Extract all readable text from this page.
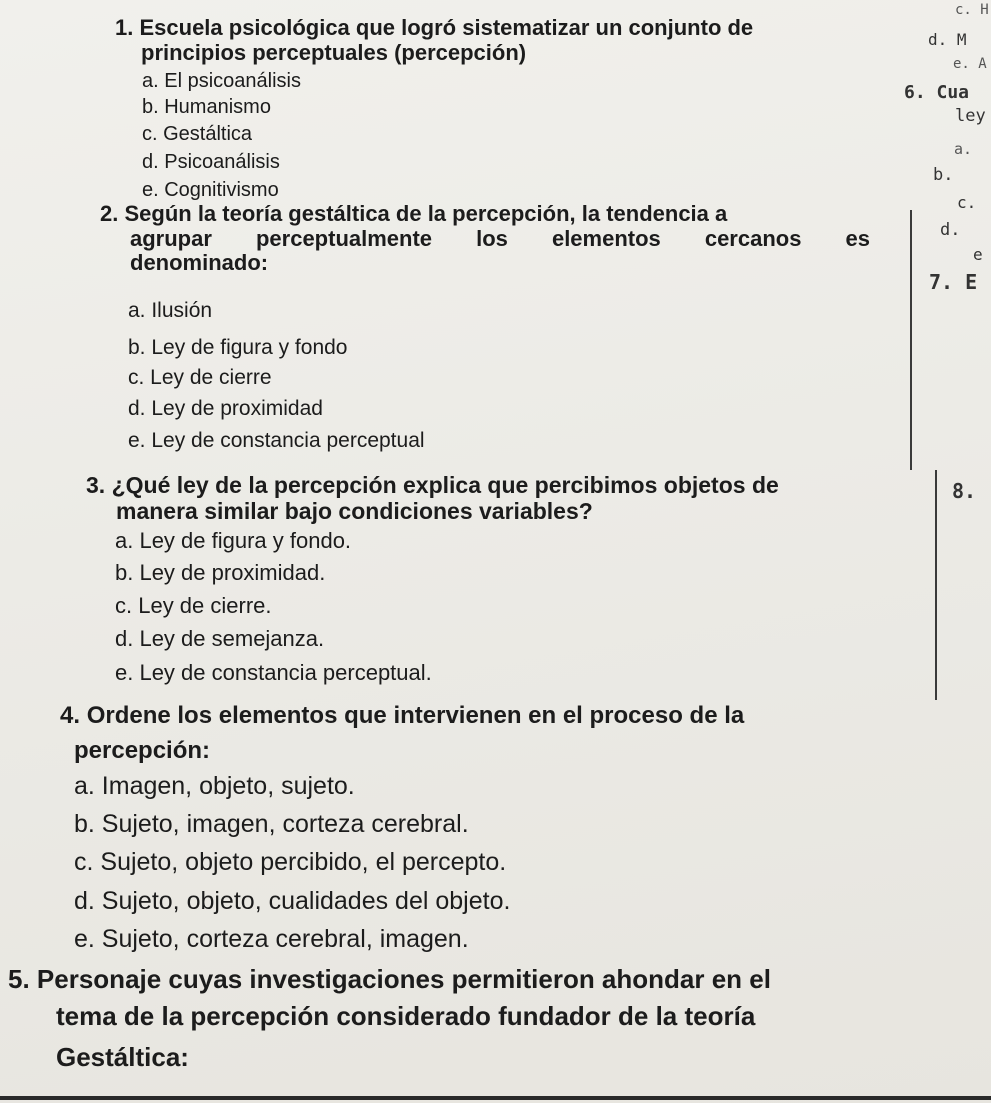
1. Escuela psicológica que logró sistematizar un conjunto de
principios perceptuales (percepción)
a. El psicoanálisis
b. Humanismo
c. Gestáltica
d. Psicoanálisis
e. Cognitivismo
2. Según la teoría gestáltica de la percepción, la tendencia a
agrupar perceptualmente los elementos cercanos es
denominado:
a. Ilusión
b. Ley de figura y fondo
c. Ley de cierre
d. Ley de proximidad
e. Ley de constancia perceptual
3. ¿Qué ley de la percepción explica que percibimos objetos de
manera similar bajo condiciones variables?
a. Ley de figura y fondo.
b. Ley de proximidad.
c. Ley de cierre.
d. Ley de semejanza.
e. Ley de constancia perceptual.
4. Ordene los elementos que intervienen en el proceso de la
percepción:
a. Imagen, objeto, sujeto.
b. Sujeto, imagen, corteza cerebral.
c. Sujeto, objeto percibido, el percepto.
d. Sujeto, objeto, cualidades del objeto.
e. Sujeto, corteza cerebral, imagen.
5. Personaje cuyas investigaciones permitieron ahondar en el
tema de la percepción considerado fundador de la teoría
Gestáltica:
c. H
d. M
e. A
6. Cua
ley
a.
b.
c.
d.
e
7. E
8.
